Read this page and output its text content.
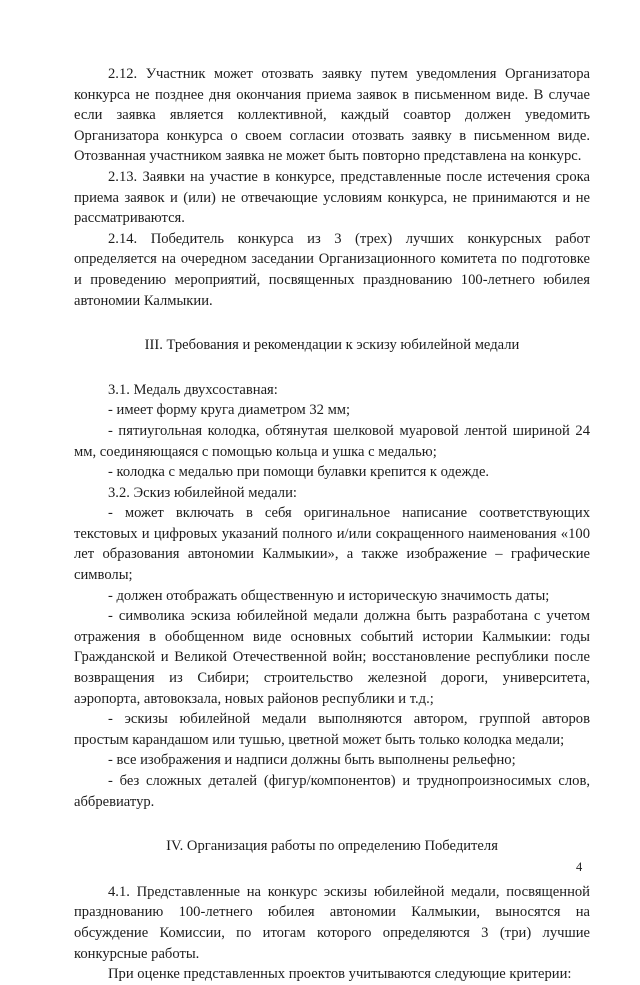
2.12. Участник может отозвать заявку путем уведомления Организатора конкурса не позднее дня окончания приема заявок в письменном виде. В случае если заявка является коллективной, каждый соавтор должен уведомить Организатора конкурса о своем согласии отозвать заявку в письменном виде. Отозванная участником заявка не может быть повторно представлена на конкурс.

2.13. Заявки на участие в конкурсе, представленные после истечения срока приема заявок и (или) не отвечающие условиям конкурса, не принимаются и не рассматриваются.

2.14. Победитель конкурса из 3 (трех) лучших конкурсных работ определяется на очередном заседании Организационного комитета по подготовке и проведению мероприятий, посвященных празднованию 100-летнего юбилея автономии Калмыкии.

III. Требования и рекомендации к эскизу юбилейной медали

3.1. Медаль двухсоставная:

- имеет форму круга диаметром 32 мм;

- пятиугольная колодка, обтянутая шелковой муаровой лентой шириной 24 мм, соединяющаяся с помощью кольца и ушка с медалью;

- колодка с медалью при помощи булавки крепится к одежде.

3.2. Эскиз юбилейной медали:

- может включать в себя оригинальное написание соответствующих текстовых и цифровых указаний полного и/или сокращенного наименования «100 лет образования автономии Калмыкии», а также изображение – графические символы;

- должен отображать общественную и историческую значимость даты;

- символика эскиза юбилейной медали должна быть разработана с учетом отражения в обобщенном виде основных событий истории Калмыкии: годы Гражданской и Великой Отечественной войн; восстановление республики после возвращения из Сибири; строительство железной дороги, университета, аэропорта, автовокзала, новых районов республики и т.д.;

- эскизы юбилейной медали выполняются автором, группой авторов простым карандашом или тушью, цветной может быть только колодка медали;

- все изображения и надписи должны быть выполнены рельефно;

- без сложных деталей (фигур/компонентов) и труднопроизносимых слов, аббревиатур.

IV. Организация работы по определению Победителя

4.1. Представленные на конкурс эскизы юбилейной медали, посвященной празднованию 100-летнего юбилея автономии Калмыкии, выносятся на обсуждение Комиссии, по итогам которого определяются 3 (три) лучшие конкурсные работы.

При оценке представленных проектов учитываются следующие критерии:

4
